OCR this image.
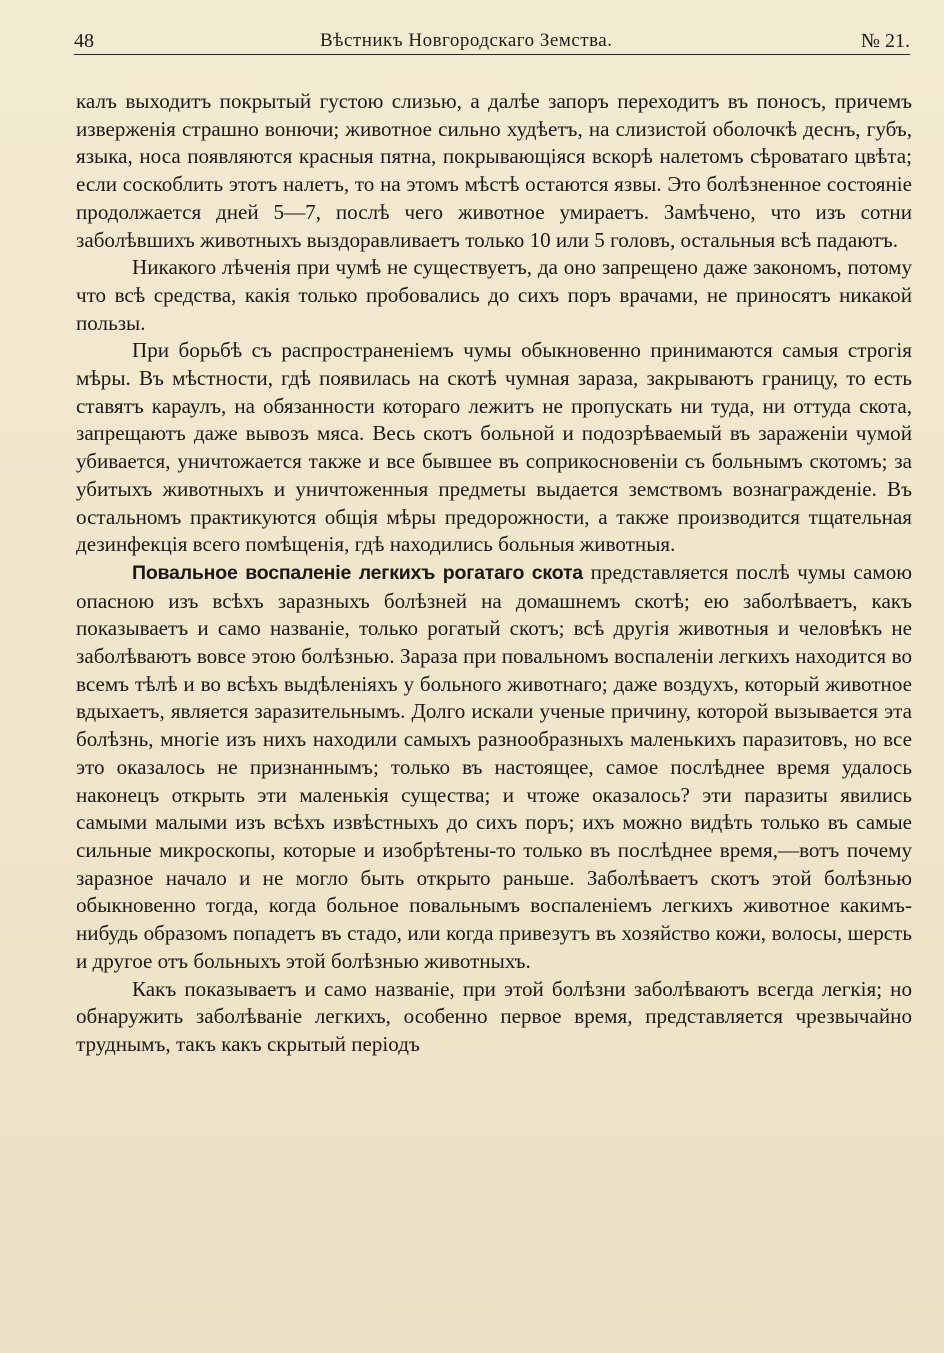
48	Вѣстникъ Новгородскаго Земства.	№ 21.

калъ выходитъ покрытый густою слизью, а далѣе запоръ переходитъ въ поносъ, причемъ изверженія страшно вонючи; животное сильно худѣетъ, на слизистой оболочкѣ деснъ, губъ, языка, носа появляются красныя пятна, покрывающіяся вскорѣ налетомъ сѣроватаго цвѣта; если соскоблить этотъ налетъ, то на этомъ мѣстѣ остаются язвы. Это болѣзненное состояніе продолжается дней 5—7, послѣ чего животное умираетъ. Замѣчено, что изъ сотни заболѣвшихъ животныхъ выздоравливаетъ только 10 или 5 головъ, остальныя всѣ падаютъ.

Никакого лѣченія при чумѣ не существуетъ, да оно запрещено даже закономъ, потому что всѣ средства, какія только пробовались до сихъ поръ врачами, не приносятъ никакой пользы.

При борьбѣ съ распространеніемъ чумы обыкновенно принимаются самыя строгія мѣры. Въ мѣстности, гдѣ появилась на скотѣ чумная зараза, закрываютъ границу, то есть ставятъ караулъ, на обязанности котораго лежитъ не пропускать ни туда, ни оттуда скота, запрещаютъ даже вывозъ мяса. Весь скотъ больной и подозрѣваемый въ зараженіи чумой убивается, уничтожается также и все бывшее въ соприкосновеніи съ больнымъ скотомъ; за убитыхъ животныхъ и уничтоженныя предметы выдается земствомъ вознагражденіе. Въ остальномъ практикуются общія мѣры предорожности, а также производится тщательная дезинфекція всего помѣщенія, гдѣ находились больныя животныя.

Повальное воспаленіе легкихъ рогатаго скота представляется послѣ чумы самою опасною изъ всѣхъ заразныхъ болѣзней на домашнемъ скотѣ; ею заболѣваетъ, какъ показываетъ и само названіе, только рогатый скотъ; всѣ другія животныя и человѣкъ не заболѣваютъ вовсе этою болѣзнью. Зараза при повальномъ воспаленіи легкихъ находится во всемъ тѣлѣ и во всѣхъ выдѣленіяхъ у больного животнаго; даже воздухъ, который животное вдыхаетъ, является заразительнымъ. Долго искали ученые причину, которой вызывается эта болѣзнь, многіе изъ нихъ находили самыхъ разнообразныхъ маленькихъ паразитовъ, но все это оказалось не признаннымъ; только въ настоящее, самое послѣднее время удалось наконецъ открыть эти маленькія существа; и чтоже оказалось? эти паразиты явились самыми малыми изъ всѣхъ извѣстныхъ до сихъ поръ; ихъ можно видѣть только въ самые сильные микроскопы, которые и изобрѣтены-то только въ послѣднее время,—вотъ почему заразное начало и не могло быть открыто раньше. Заболѣваетъ скотъ этой болѣзнью обыкновенно тогда, когда больное повальнымъ воспаленіемъ легкихъ животное какимъ-нибудь образомъ попадетъ въ стадо, или когда привезутъ въ хозяйство кожи, волосы, шерсть и другое отъ больныхъ этой болѣзнью животныхъ.

Какъ показываетъ и само названіе, при этой болѣзни заболѣваютъ всегда легкія; но обнаружить заболѣваніе легкихъ, особенно первое время, представляется чрезвычайно труднымъ, такъ какъ скрытый періодъ
